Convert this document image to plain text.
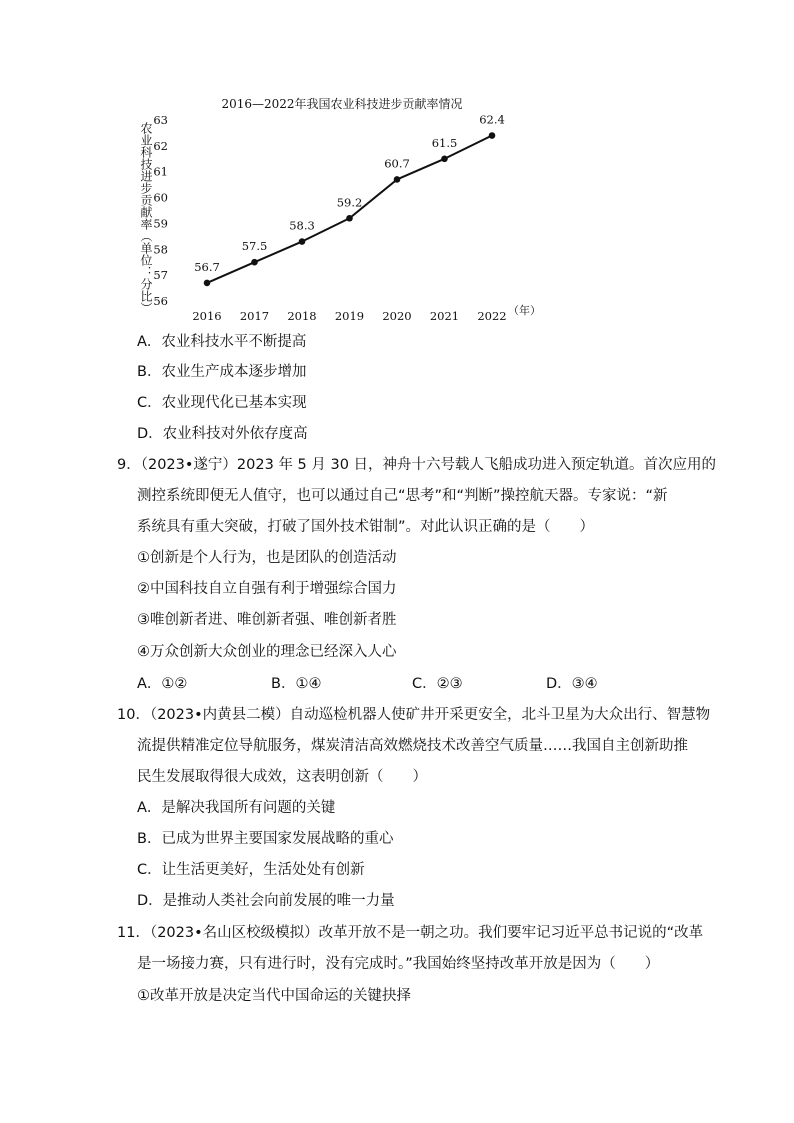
2016—2022年我国农业科技进步贡献率情况
农业科技进步贡献率（单位：分比）	（年）
63
62
61
60
59
58
57
56
2016 2017 2018 2019 2020 2021 2022
56.7
57.5
58.3
59.2
60.7
61.5
62.4
A．农业科技水平不断提高
B．农业生产成本逐步增加
C．农业现代化已基本实现
D．农业科技对外依存度高
9．（2023•遂宁）2023 年 5 月 30 日，神舟十六号载人飞船成功进入预定轨道。首次应用的
测控系统即便无人值守，也可以通过自己“思考”和“判断”操控航天器。专家说：“新
系统具有重大突破，打破了国外技术钳制”。对此认识正确的是（　　）
①创新是个人行为，也是团队的创造活动
②中国科技自立自强有利于增强综合国力
③唯创新者进、唯创新者强、唯创新者胜
④万众创新大众创业的理念已经深入人心
A．①②	B．①④	C．②③	D．③④
10．（2023•内黄县二模）自动巡检机器人使矿井开采更安全，北斗卫星为大众出行、智慧物
流提供精准定位导航服务，煤炭清洁高效燃烧技术改善空气质量……我国自主创新助推
民生发展取得很大成效，这表明创新（　　）
A．是解决我国所有问题的关键
B．已成为世界主要国家发展战略的重心
C．让生活更美好，生活处处有创新
D．是推动人类社会向前发展的唯一力量
11．（2023•名山区校级模拟）改革开放不是一朝之功。我们要牢记习近平总书记说的“改革
是一场接力赛，只有进行时，没有完成时。”我国始终坚持改革开放是因为（　　）
①改革开放是决定当代中国命运的关键抉择
